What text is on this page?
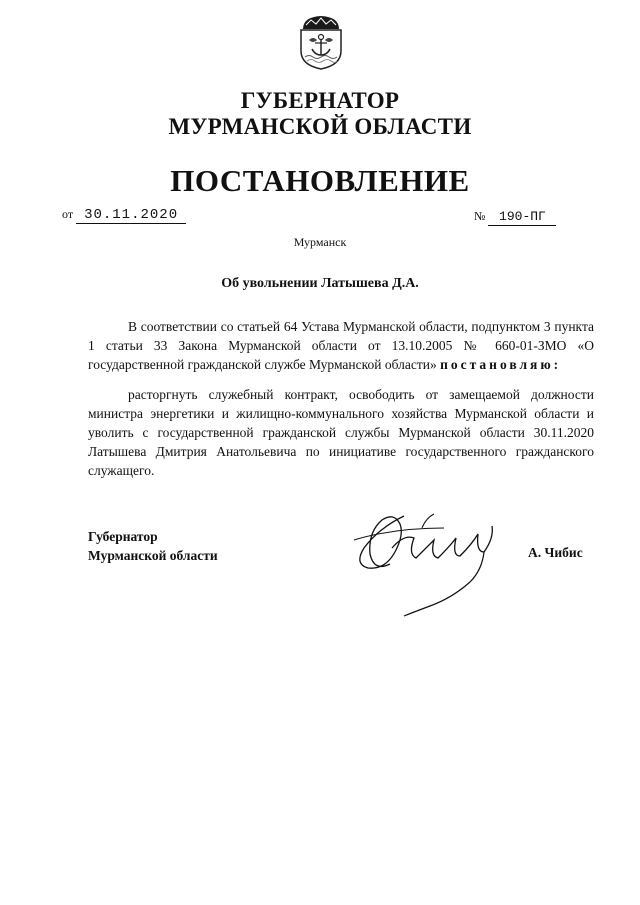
ГУБЕРНАТОР
МУРМАНСКОЙ ОБЛАСТИ
ПОСТАНОВЛЕНИЕ
от 30.11.2020	№ 190-ПГ
Мурманск
Об увольнении Латышева Д.А.
В соответствии со статьей 64 Устава Мурманской области, подпунктом 3 пункта 1 статьи 33 Закона Мурманской области от 13.10.2005 № 660-01-ЗМО «О государственной гражданской службе Мурманской области» постановляю:
расторгнуть служебный контракт, освободить от замещаемой должности министра энергетики и жилищно-коммунального хозяйства Мурманской области и уволить с государственной гражданской службы Мурманской области 30.11.2020 Латышева Дмитрия Анатольевича по инициативе государственного гражданского служащего.
Губернатор
Мурманской области	А. Чибис
